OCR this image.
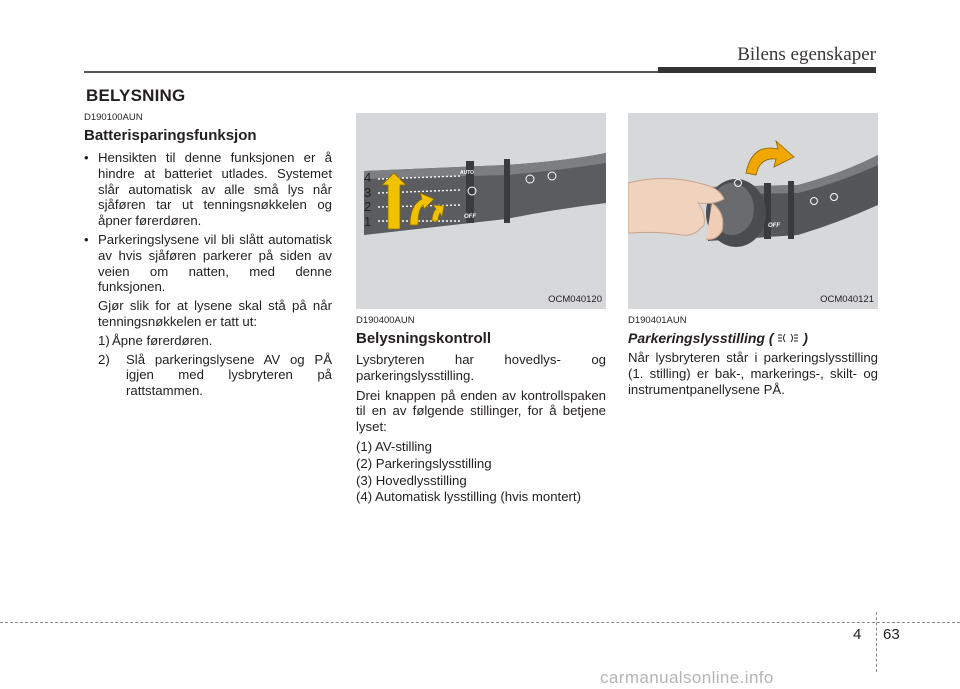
Bilens egenskaper
BELYSNING
D190100AUN
Batterisparingsfunksjon
• Hensikten til denne funksjonen er å hindre at batteriet utlades. Systemet slår automatisk av alle små lys når sjåføren tar ut tenningsnøkkelen og åpner førerdøren.
• Parkeringslysene vil bli slått automatisk av hvis sjåføren parkerer på siden av veien om natten, med denne funksjonen.
Gjør slik for at lysene skal stå på når tenningsnøkkelen er tatt ut:
1) Åpne førerdøren.
2) Slå parkeringslysene AV og PÅ igjen med lysbryteren på rattstammen.
4
3
2
1
AUTO
OFF
OCM040120
D190400AUN
Belysningskontroll
Lysbryteren har hovedlys- og parkeringslysstilling.
Drei knappen på enden av kontrollspaken til en av følgende stillinger, for å betjene lyset:
(1) AV-stilling
(2) Parkeringslysstilling
(3) Hovedlysstilling
(4) Automatisk lysstilling (hvis montert)
OFF
OCM040121
D190401AUN
Parkeringslysstilling ( )
Når lysbryteren står i parkeringslysstilling (1. stilling) er bak-, markerings-, skilt- og instrumentpanellysene PÅ.
4 63
carmanualsonline.info
